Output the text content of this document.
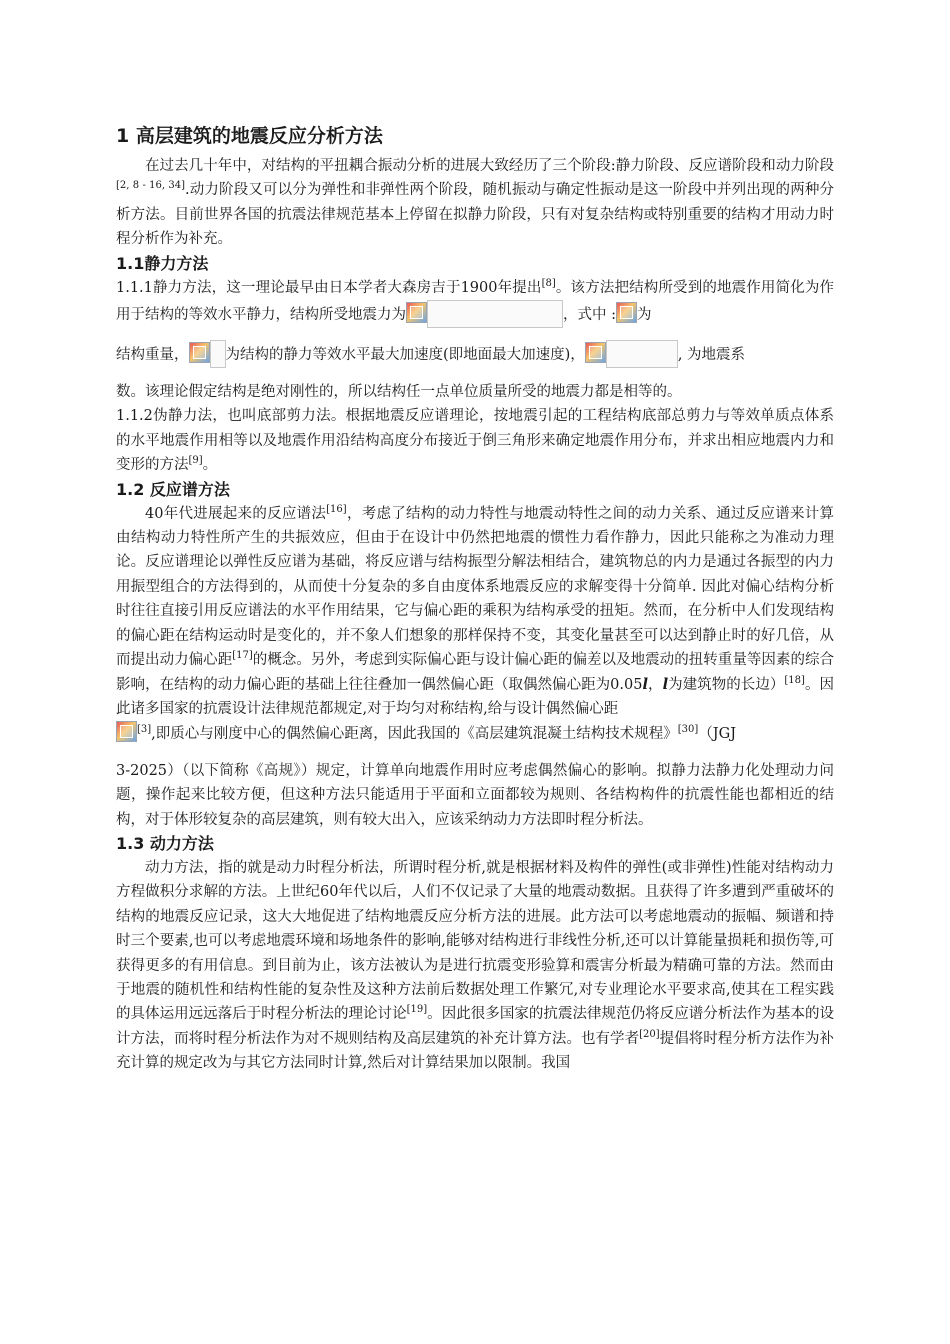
1 高层建筑的地震反应分析方法

在过去几十年中，对结构的平扭耦合振动分析的进展大致经历了三个阶段:静力阶段、反应谱阶段和动力阶段[2, 8 - 16, 34].动力阶段又可以分为弹性和非弹性两个阶段，随机振动与确定性振动是这一阶段中并列出现的两种分析方法。目前世界各国的抗震法律规范基本上停留在拟静力阶段，只有对复杂结构或特别重要的结构才用动力时程分析作为补充。

1.1静力方法

1.1.1静力方法，这一理论最早由日本学者大森房吉于1900年提出[8]。该方法把结构所受到的地震作用简化为作用于结构的等效水平静力，结构所受地震力为	，式中 : 为

结构重量，	为结构的静力等效水平最大加速度(即地面最大加速度)，	, 为地震系

数。该理论假定结构是绝对刚性的，所以结构任一点单位质量所受的地震力都是相等的。

1.1.2伪静力法，也叫底部剪力法。根据地震反应谱理论，按地震引起的工程结构底部总剪力与等效单质点体系的水平地震作用相等以及地震作用沿结构高度分布接近于倒三角形来确定地震作用分布，并求出相应地震内力和变形的方法[9]。

1.2 反应谱方法

40年代进展起来的反应谱法[16]，考虑了结构的动力特性与地震动特性之间的动力关系、通过反应谱来计算由结构动力特性所产生的共振效应，但由于在设计中仍然把地震的惯性力看作静力，因此只能称之为准动力理论。反应谱理论以弹性反应谱为基础，将反应谱与结构振型分解法相结合，建筑物总的内力是通过各振型的内力用振型组合的方法得到的，从而使十分复杂的多自由度体系地震反应的求解变得十分简单. 因此对偏心结构分析时往往直接引用反应谱法的水平作用结果，它与偏心距的乘积为结构承受的扭矩。然而，在分析中人们发现结构的偏心距在结构运动时是变化的，并不象人们想象的那样保持不变，其变化量甚至可以达到静止时的好几倍，从而提出动力偏心距[17]的概念。另外，考虑到实际偏心距与设计偏心距的偏差以及地震动的扭转重量等因素的综合影响，在结构的动力偏心距的基础上往往叠加一偶然偏心距（取偶然偏心距为0.05l，l为建筑物的长边）[18]。因此诸多国家的抗震设计法律规范都规定,对于均匀对称结构,给与设计偶然偏心距
[3],即质心与刚度中心的偶然偏心距离，因此我国的《高层建筑混凝土结构技术规程》[30]（JGJ

3-2025）（以下简称《高规》）规定，计算单向地震作用时应考虑偶然偏心的影响。拟静力法静力化处理动力问题，操作起来比较方便，但这种方法只能适用于平面和立面都较为规则、各结构构件的抗震性能也都相近的结构，对于体形较复杂的高层建筑，则有较大出入，应该采纳动力方法即时程分析法。

1.3 动力方法

动力方法，指的就是动力时程分析法，所谓时程分析,就是根据材料及构件的弹性(或非弹性)性能对结构动力方程做积分求解的方法。上世纪60年代以后，人们不仅记录了大量的地震动数据。且获得了许多遭到严重破坏的结构的地震反应记录，这大大地促进了结构地震反应分析方法的进展。此方法可以考虑地震动的振幅、频谱和持时三个要素,也可以考虑地震环境和场地条件的影响,能够对结构进行非线性分析,还可以计算能量损耗和损伤等,可获得更多的有用信息。到目前为止，该方法被认为是进行抗震变形验算和震害分析最为精确可靠的方法。然而由于地震的随机性和结构性能的复杂性及这种方法前后数据处理工作繁冗,对专业理论水平要求高,使其在工程实践的具体运用远远落后于时程分析法的理论讨论[19]。因此很多国家的抗震法律规范仍将反应谱分析法作为基本的设计方法，而将时程分析法作为对不规则结构及高层建筑的补充计算方法。也有学者[20]提倡将时程分析方法作为补充计算的规定改为与其它方法同时计算,然后对计算结果加以限制。我国
